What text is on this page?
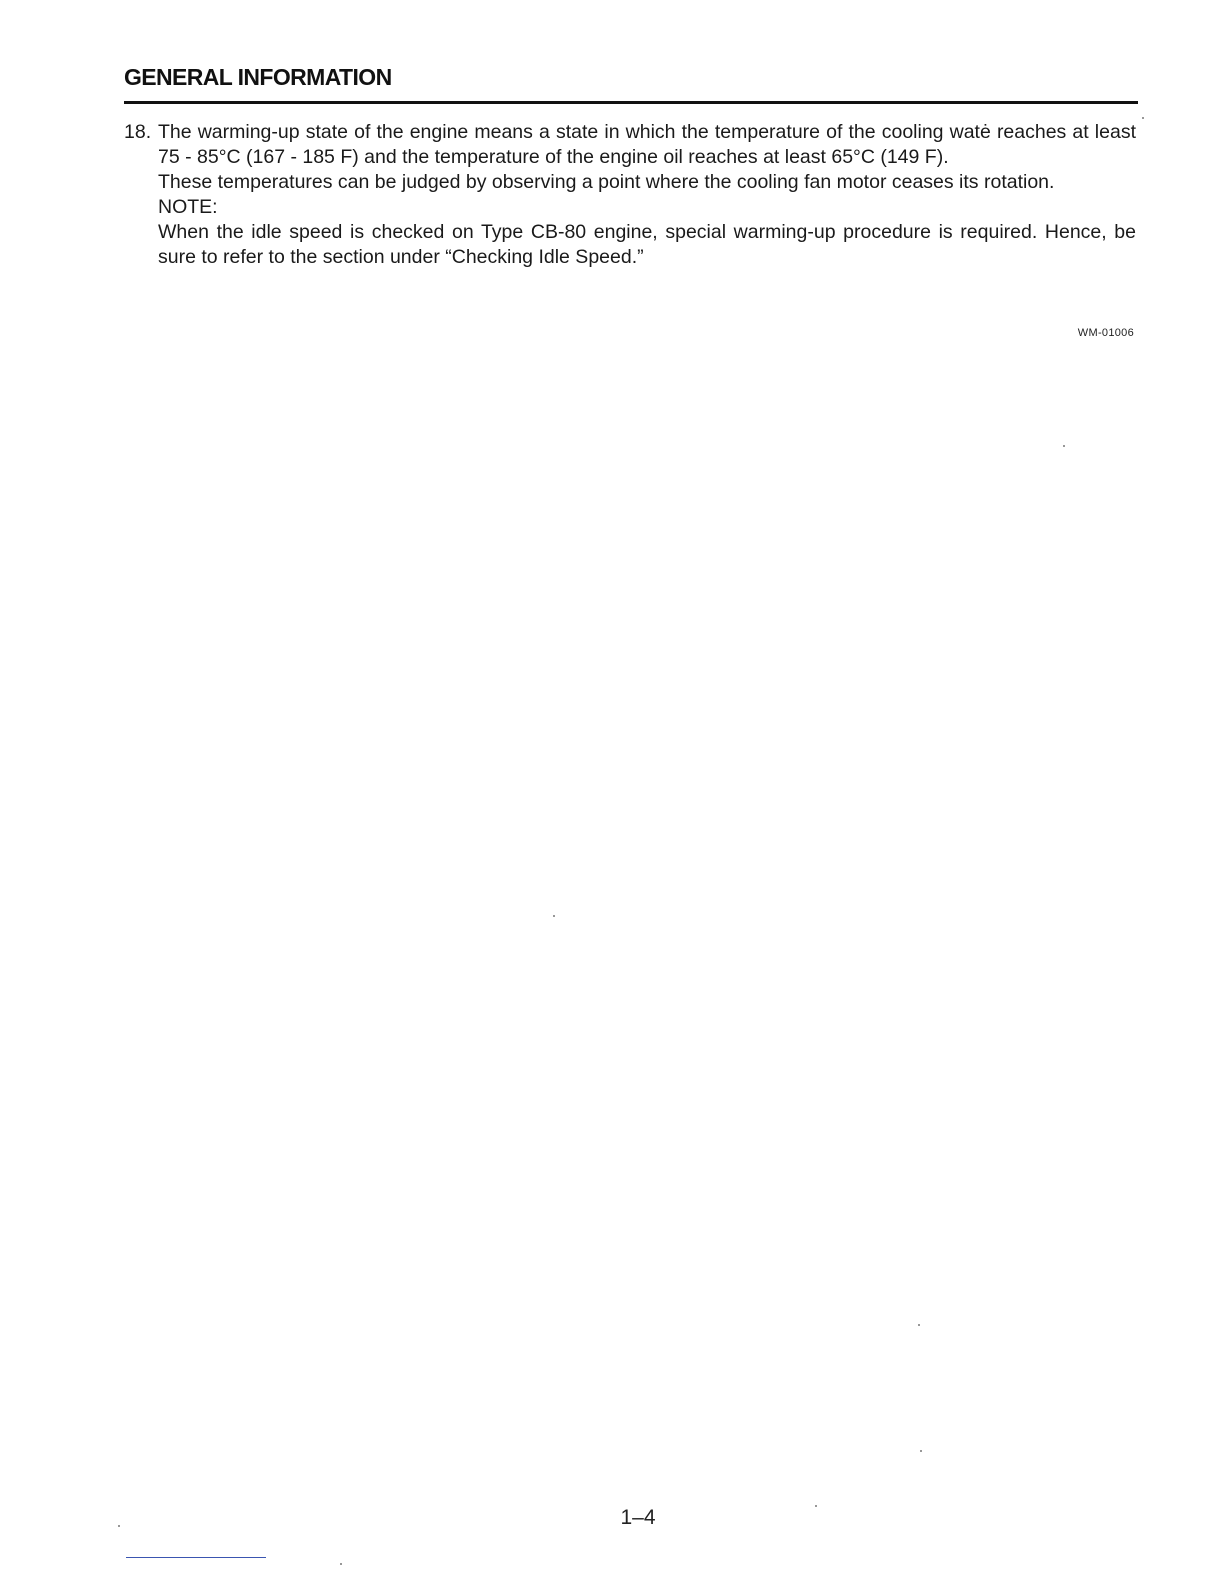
GENERAL INFORMATION
18. The warming-up state of the engine means a state in which the temperature of the cooling watė reaches at least 75 - 85°C (167 - 185 F) and the temperature of the engine oil reaches at least 65°C (149 F).

These temperatures can be judged by observing a point where the cooling fan motor ceases its rotation.

NOTE:

When the idle speed is checked on Type CB-80 engine, special warming-up procedure is required. Hence, be sure to refer to the section under “Checking Idle Speed.”

WM-01006
1–4
